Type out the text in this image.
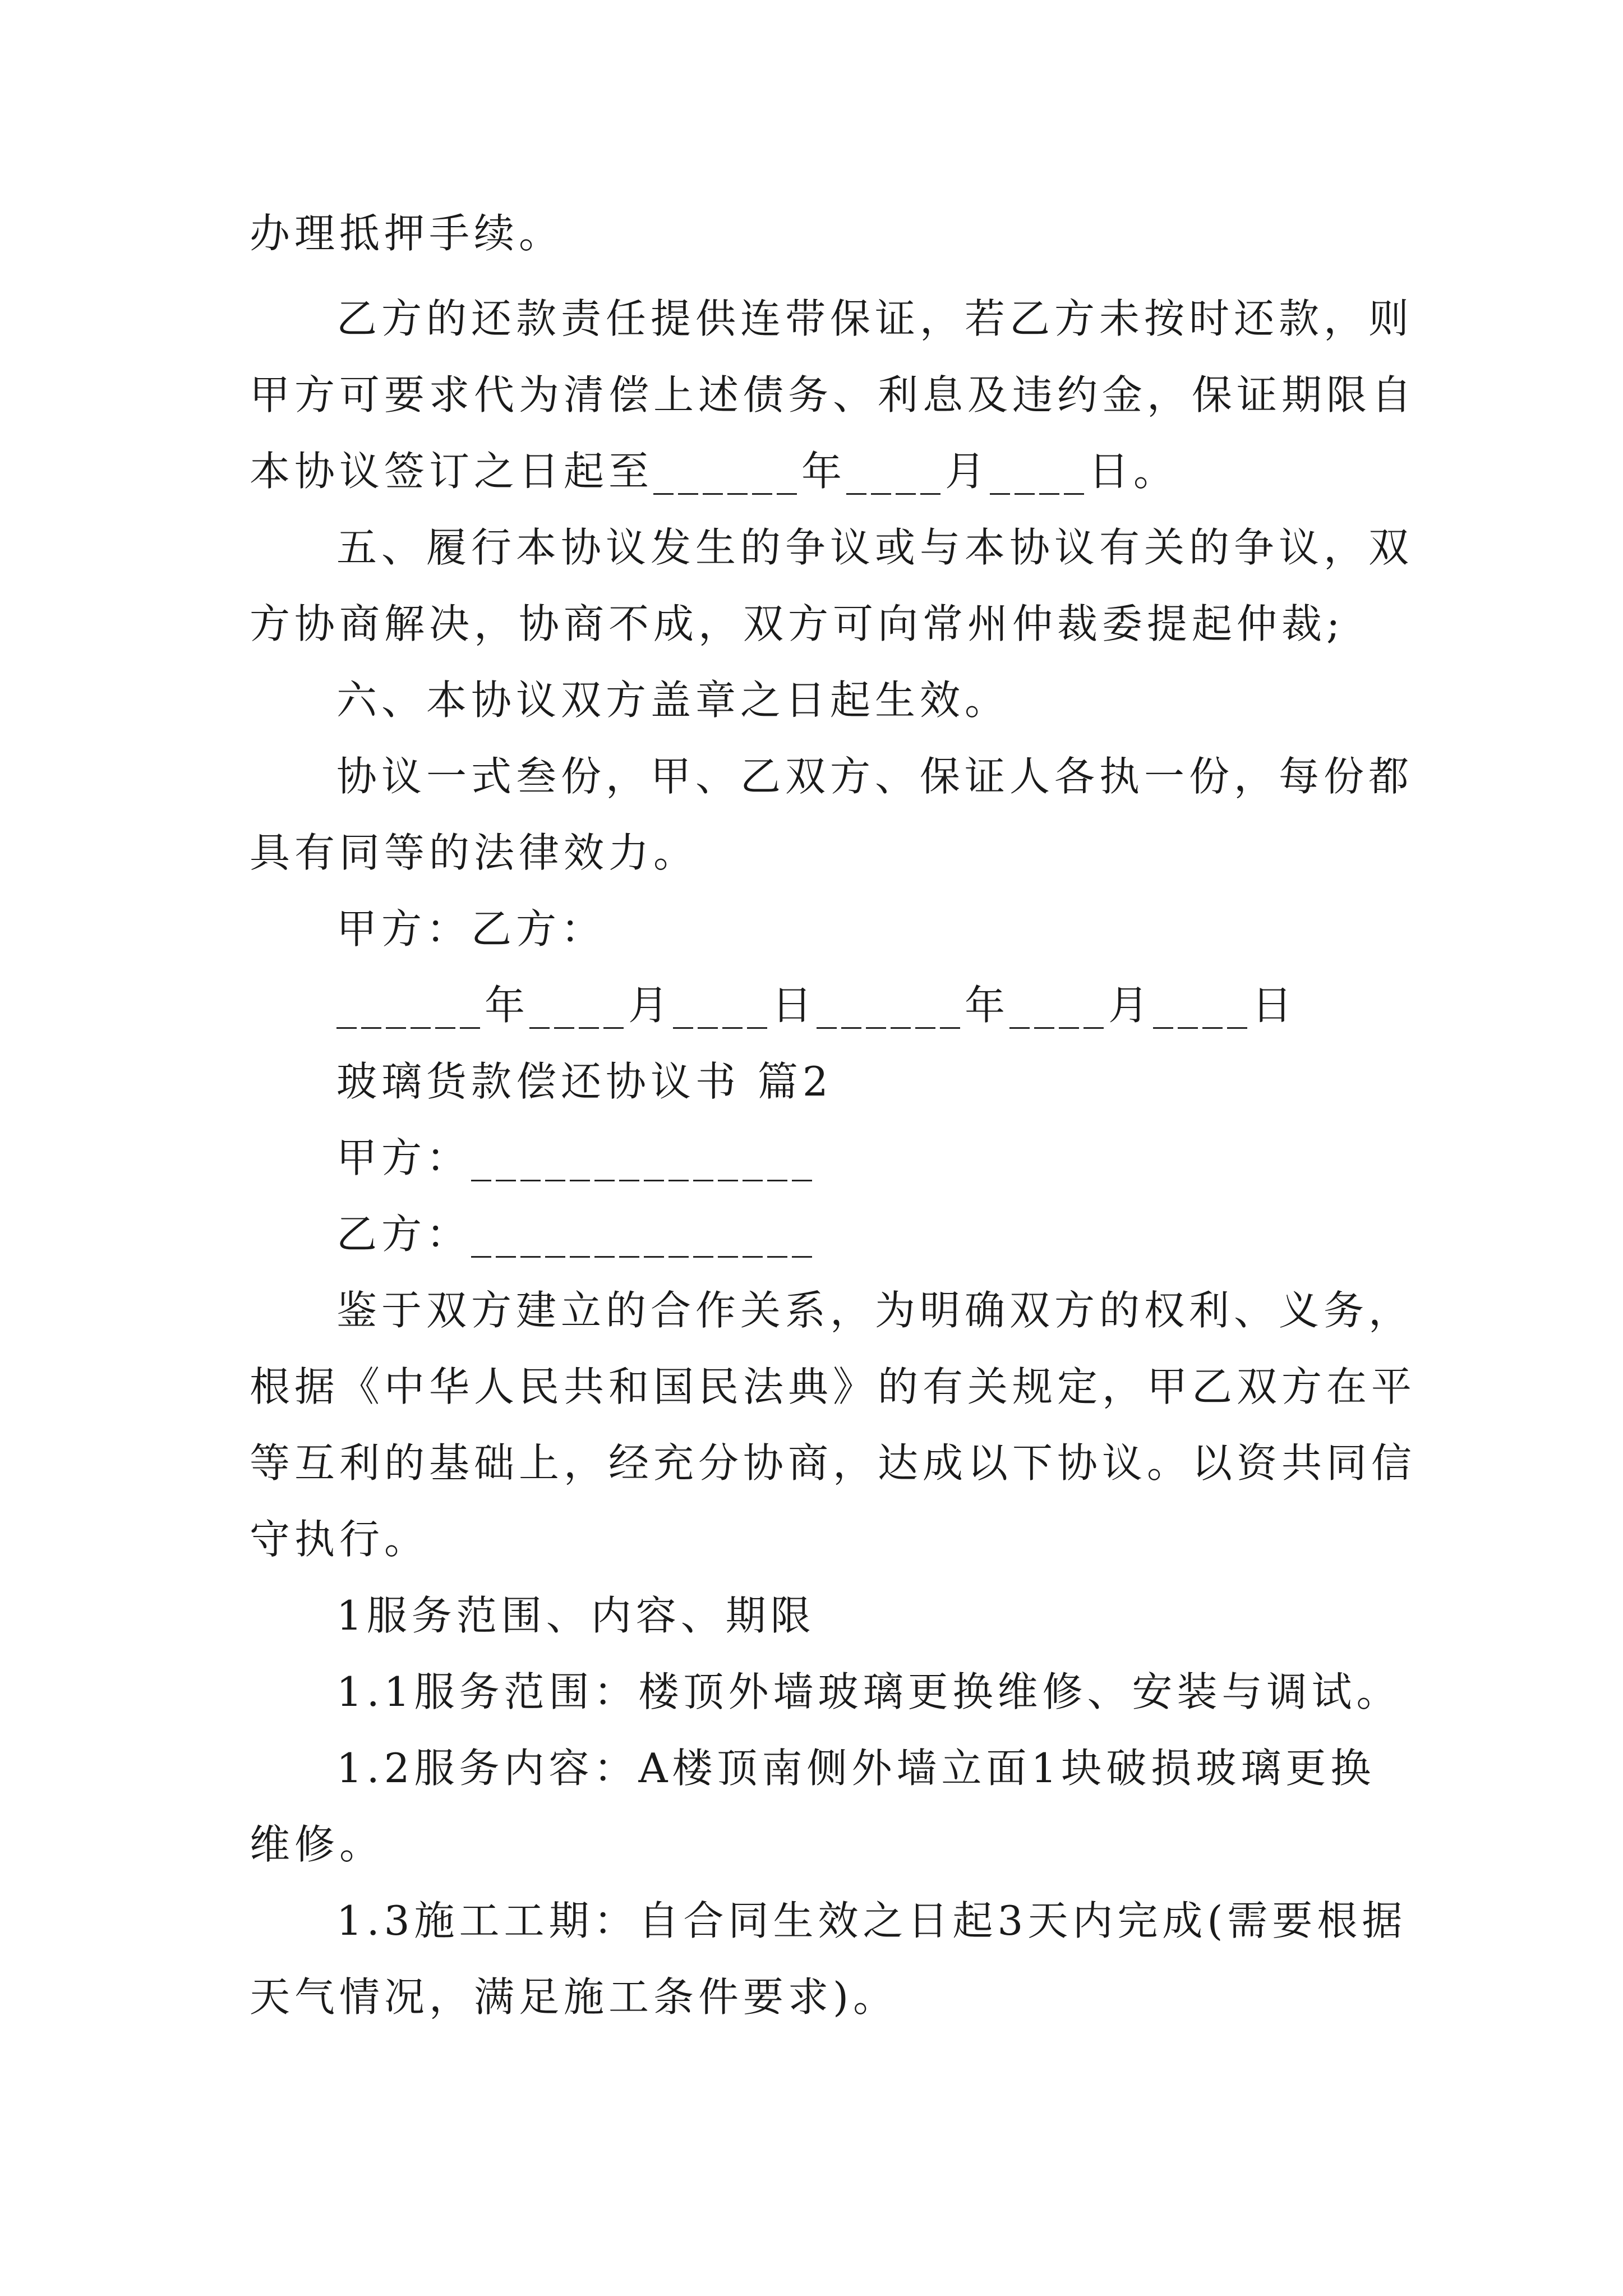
办理抵押手续。
乙方的还款责任提供连带保证，若乙方未按时还款，则
甲方可要求代为清偿上述债务、利息及违约金，保证期限自
本协议签订之日起至______年____月____日。
五、履行本协议发生的争议或与本协议有关的争议，双
方协商解决，协商不成，双方可向常州仲裁委提起仲裁;
六、本协议双方盖章之日起生效。
协议一式叁份，甲、乙双方、保证人各执一份，每份都
具有同等的法律效力。
甲方：乙方：
______年____月____日______年____月____日
玻璃货款偿还协议书 篇2
甲方：______________
乙方：______________
鉴于双方建立的合作关系，为明确双方的权利、义务，
根据《中华人民共和国民法典》的有关规定，甲乙双方在平
等互利的基础上，经充分协商，达成以下协议。以资共同信
守执行。
1服务范围、内容、期限
1.1服务范围：楼顶外墙玻璃更换维修、安装与调试。
1.2服务内容：A楼顶南侧外墙立面1块破损玻璃更换
维修。
1.3施工工期：自合同生效之日起3天内完成(需要根据
天气情况，满足施工条件要求)。
